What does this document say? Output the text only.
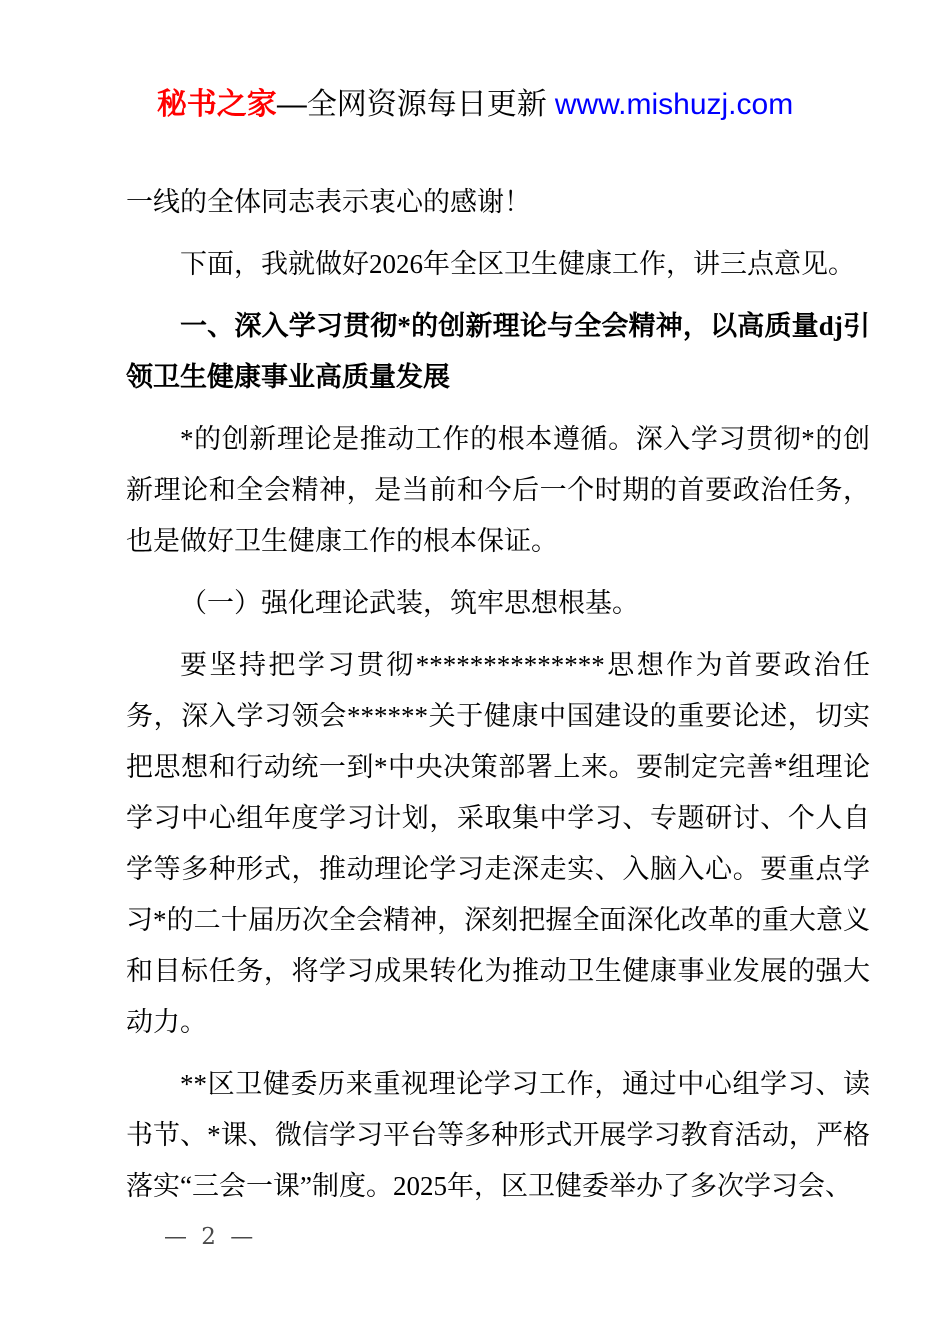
秘书之家—全网资源每日更新 www.mishuzj.com

一线的全体同志表示衷心的感谢！

下面，我就做好2026年全区卫生健康工作，讲三点意见。

一、深入学习贯彻*的创新理论与全会精神，以高质量dj引领卫生健康事业高质量发展

*的创新理论是推动工作的根本遵循。深入学习贯彻*的创新理论和全会精神，是当前和今后一个时期的首要政治任务，也是做好卫生健康工作的根本保证。

（一）强化理论武装，筑牢思想根基。

要坚持把学习贯彻**************思想作为首要政治任务，深入学习领会******关于健康中国建设的重要论述，切实把思想和行动统一到*中央决策部署上来。要制定完善*组理论学习中心组年度学习计划，采取集中学习、专题研讨、个人自学等多种形式，推动理论学习走深走实、入脑入心。要重点学习*的二十届历次全会精神，深刻把握全面深化改革的重大意义和目标任务，将学习成果转化为推动卫生健康事业发展的强大动力。

**区卫健委历来重视理论学习工作，通过中心组学习、读书节、*课、微信学习平台等多种形式开展学习教育活动，严格落实“三会一课”制度。2025年，区卫健委举办了多次学习会、

— 2 —
